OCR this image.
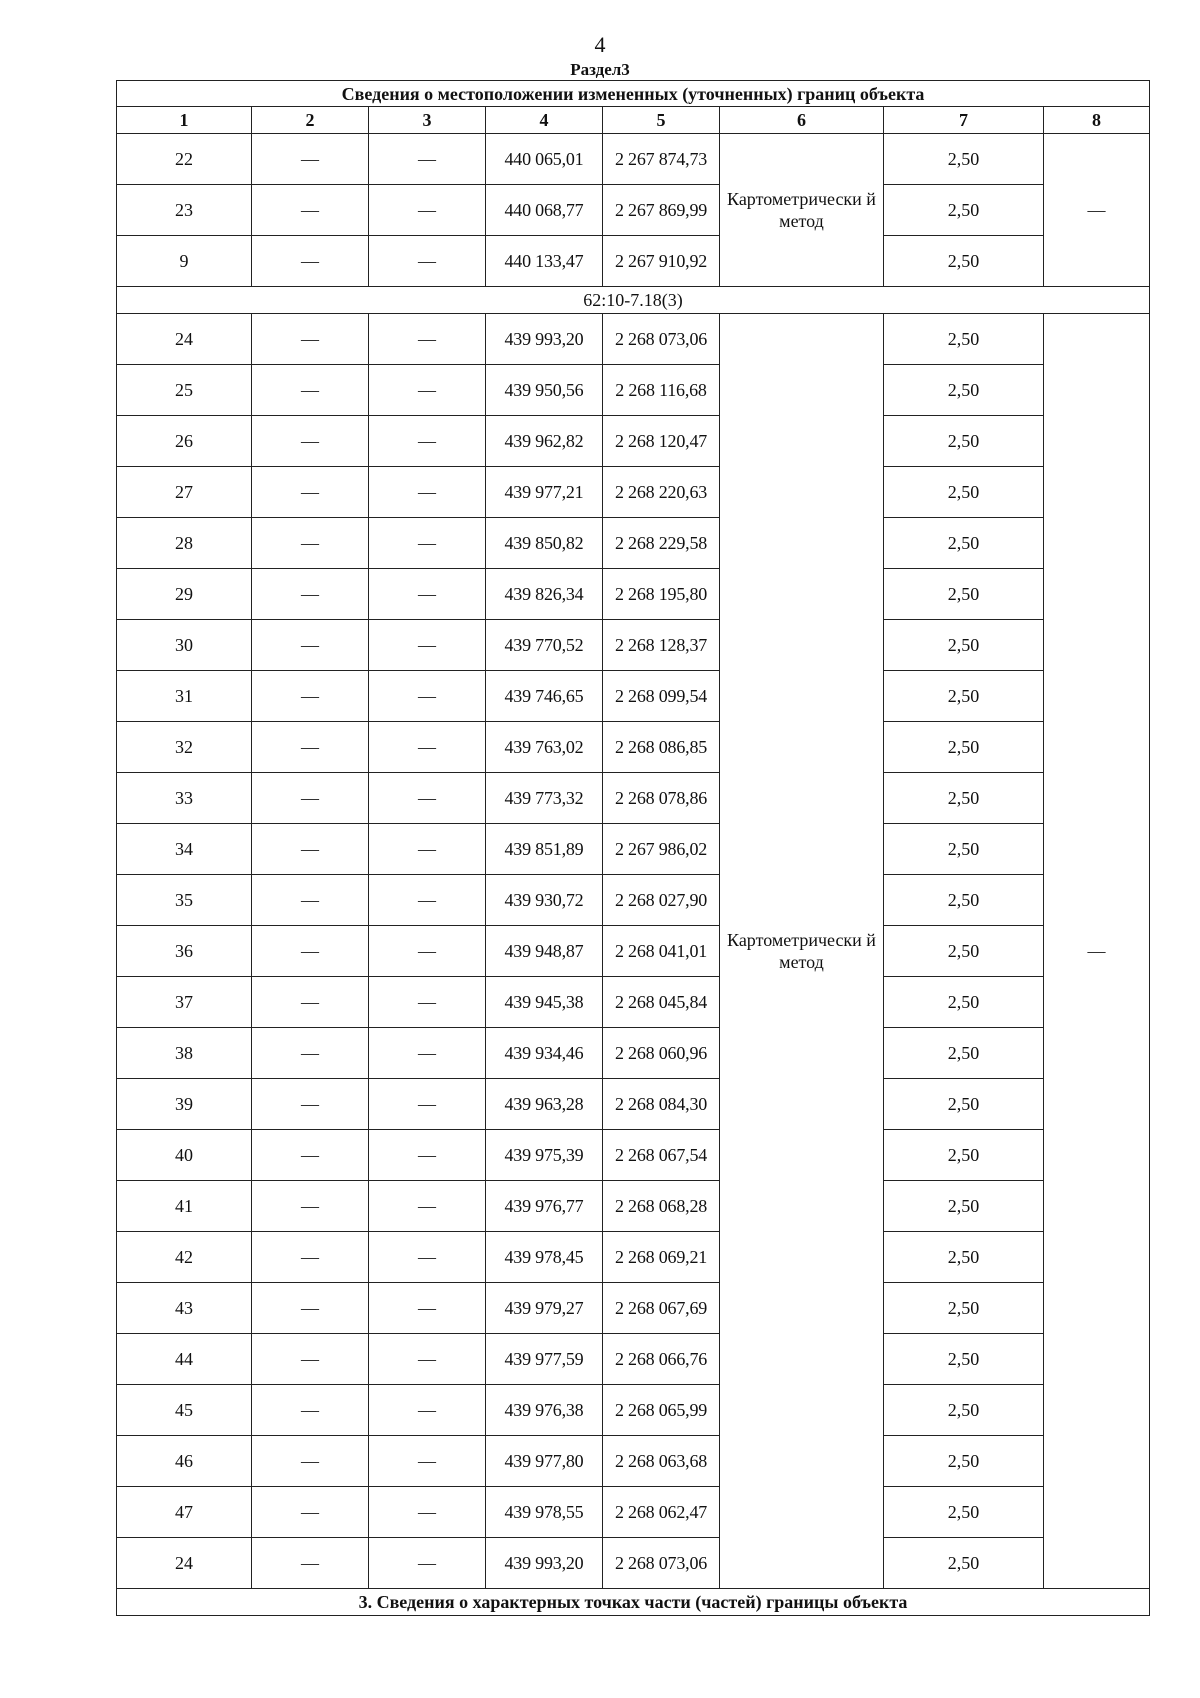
4
Раздел3
Сведения о местоположении измененных (уточненных) границ объекта							
1	2	3	4	5	6	7	8
22	—	—	440 065,01	2 267 874,73	Картометрически й метод	2,50	—
23	—	—	440 068,77	2 267 869,99		2,50	
9	—	—	440 133,47	2 267 910,92		2,50	
62:10-7.18(3)							
24	—	—	439 993,20	2 268 073,06	Картометрически й метод	2,50	—
25	—	—	439 950,56	2 268 116,68		2,50	
26	—	—	439 962,82	2 268 120,47		2,50	
27	—	—	439 977,21	2 268 220,63		2,50	
28	—	—	439 850,82	2 268 229,58		2,50	
29	—	—	439 826,34	2 268 195,80		2,50	
30	—	—	439 770,52	2 268 128,37		2,50	
31	—	—	439 746,65	2 268 099,54		2,50	
32	—	—	439 763,02	2 268 086,85		2,50	
33	—	—	439 773,32	2 268 078,86		2,50	
34	—	—	439 851,89	2 267 986,02		2,50	
35	—	—	439 930,72	2 268 027,90		2,50	
36	—	—	439 948,87	2 268 041,01		2,50	
37	—	—	439 945,38	2 268 045,84		2,50	
38	—	—	439 934,46	2 268 060,96		2,50	
39	—	—	439 963,28	2 268 084,30		2,50	
40	—	—	439 975,39	2 268 067,54		2,50	
41	—	—	439 976,77	2 268 068,28		2,50	
42	—	—	439 978,45	2 268 069,21		2,50	
43	—	—	439 979,27	2 268 067,69		2,50	
44	—	—	439 977,59	2 268 066,76		2,50	
45	—	—	439 976,38	2 268 065,99		2,50	
46	—	—	439 977,80	2 268 063,68		2,50	
47	—	—	439 978,55	2 268 062,47		2,50	
24	—	—	439 993,20	2 268 073,06		2,50	
3. Сведения о характерных точках части (частей) границы объекта							
